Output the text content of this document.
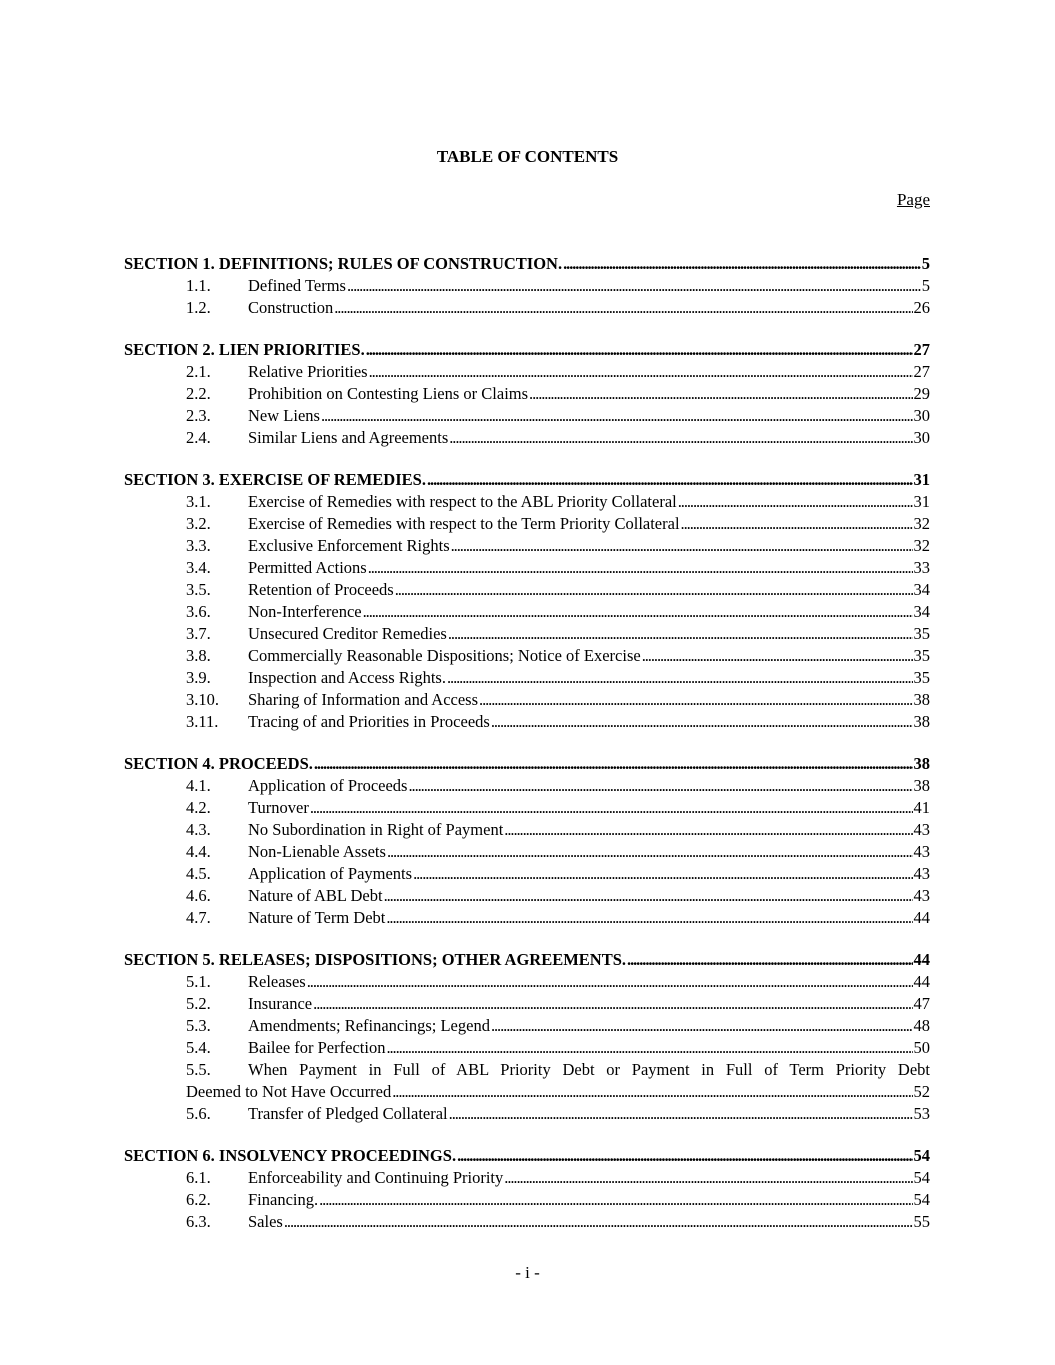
TABLE OF CONTENTS
Page
SECTION 1. DEFINITIONS; RULES OF CONSTRUCTION. . . .	5
1.1.	Defined Terms . . .	5
1.2.	Construction . . .	26
SECTION 2. LIEN PRIORITIES. . . .	27
2.1.	Relative Priorities . . .	27
2.2.	Prohibition on Contesting Liens or Claims . . .	29
2.3.	New Liens . . .	30
2.4.	Similar Liens and Agreements . . .	30
SECTION 3. EXERCISE OF REMEDIES. . . .	31
3.1.	Exercise of Remedies with respect to the ABL Priority Collateral . . .	31
3.2.	Exercise of Remedies with respect to the Term Priority Collateral . . .	32
3.3.	Exclusive Enforcement Rights . . .	32
3.4.	Permitted Actions . . .	33
3.5.	Retention of Proceeds . . .	34
3.6.	Non-Interference . . .	34
3.7.	Unsecured Creditor Remedies . . .	35
3.8.	Commercially Reasonable Dispositions; Notice of Exercise . . .	35
3.9.	Inspection and Access Rights. . . .	35
3.10.	Sharing of Information and Access . . .	38
3.11.	Tracing of and Priorities in Proceeds . . .	38
SECTION 4. PROCEEDS. . . .	38
4.1.	Application of Proceeds . . .	38
4.2.	Turnover . . .	41
4.3.	No Subordination in Right of Payment . . .	43
4.4.	Non-Lienable Assets . . .	43
4.5.	Application of Payments . . .	43
4.6.	Nature of ABL Debt . . .	43
4.7.	Nature of Term Debt . . .	44
SECTION 5. RELEASES; DISPOSITIONS; OTHER AGREEMENTS. . . .	44
5.1.	Releases . . .	44
5.2.	Insurance . . .	47
5.3.	Amendments; Refinancings; Legend . . .	48
5.4.	Bailee for Perfection . . .	50
5.5.	When Payment in Full of ABL Priority Debt or Payment in Full of Term Priority Debt
Deemed to Not Have Occurred . . .	52
5.6.	Transfer of Pledged Collateral . . .	53
SECTION 6. INSOLVENCY PROCEEDINGS. . . .	54
6.1.	Enforceability and Continuing Priority . . .	54
6.2.	Financing. . . .	54
6.3.	Sales . . .	55
- i -
